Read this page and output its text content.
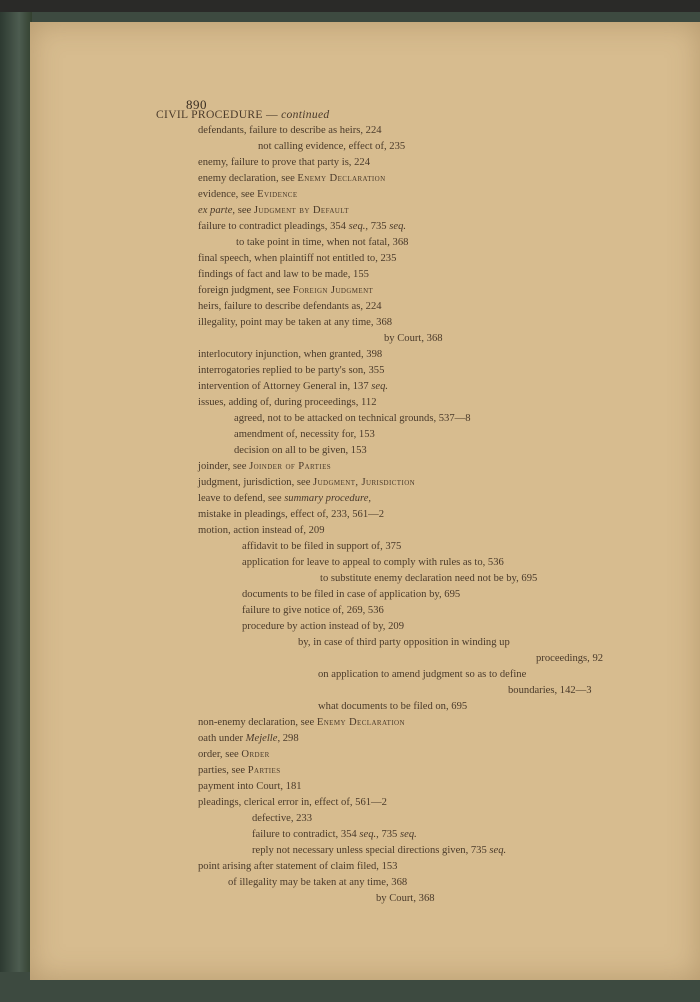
890
CIVIL PROCEDURE — continued
defendants, failure to describe as heirs, 224
not calling evidence, effect of, 235
enemy, failure to prove that party is, 224
enemy declaration, see Enemy Declaration
evidence, see Evidence
ex parte, see Judgment by Default
failure to contradict pleadings, 354 seq., 735 seq.
to take point in time, when not fatal, 368
final speech, when plaintiff not entitled to, 235
findings of fact and law to be made, 155
foreign judgment, see Foreign Judgment
heirs, failure to describe defendants as, 224
illegality, point may be taken at any time, 368
by Court, 368
interlocutory injunction, when granted, 398
interrogatories replied to be party's son, 355
intervention of Attorney General in, 137 seq.
issues, adding of, during proceedings, 112
agreed, not to be attacked on technical grounds, 537—8
amendment of, necessity for, 153
decision on all to be given, 153
joinder, see Joinder of Parties
judgment, jurisdiction, see Judgment, Jurisdiction
leave to defend, see summary procedure,
mistake in pleadings, effect of, 233, 561—2
motion, action instead of, 209
affidavit to be filed in support of, 375
application for leave to appeal to comply with rules as to, 536
to substitute enemy declaration need not be by, 695
documents to be filed in case of application by, 695
failure to give notice of, 269, 536
procedure by action instead of by, 209
by, in case of third party opposition in winding up
proceedings, 92
on application to amend judgment so as to define
boundaries, 142—3
what documents to be filed on, 695
non-enemy declaration, see Enemy Declaration
oath under Mejelle, 298
order, see Order
parties, see Parties
payment into Court, 181
pleadings, clerical error in, effect of, 561—2
defective, 233
failure to contradict, 354 seq., 735 seq.
reply not necessary unless special directions given, 735 seq.
point arising after statement of claim filed, 153
of illegality may be taken at any time, 368
by Court, 368
